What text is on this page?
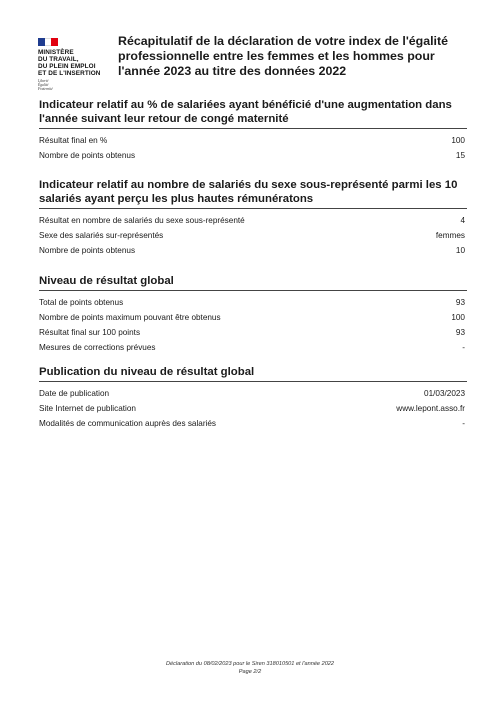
MINISTÈRE
DU TRAVAIL,
DU PLEIN EMPLOI
ET DE L'INSERTION
Liberté
Égalité
Fraternité
Récapitulatif de la déclaration de votre index de l'égalité professionnelle entre les femmes et les hommes pour l'année 2023 au titre des données 2022
Indicateur relatif au % de salariées ayant bénéficié d'une augmentation dans l'année suivant leur retour de congé maternité
Résultat final en %	100
Nombre de points obtenus	15
Indicateur relatif au nombre de salariés du sexe sous-représenté parmi les 10 salariés ayant perçu les plus hautes rémunératons
Résultat en nombre de salariés du sexe sous-représenté	4
Sexe des salariés sur-représentés	femmes
Nombre de points obtenus	10
Niveau de résultat global
Total de points obtenus	93
Nombre de points maximum pouvant être obtenus	100
Résultat final sur 100 points	93
Mesures de corrections prévues	-
Publication du niveau de résultat global
Date de publication	01/03/2023
Site Internet de publication	www.lepont.asso.fr
Modalités de communication auprès des salariés	-
Déclaration du 08/02/2023 pour le Siren 318010501 et l'année 2022
Page 2/2
